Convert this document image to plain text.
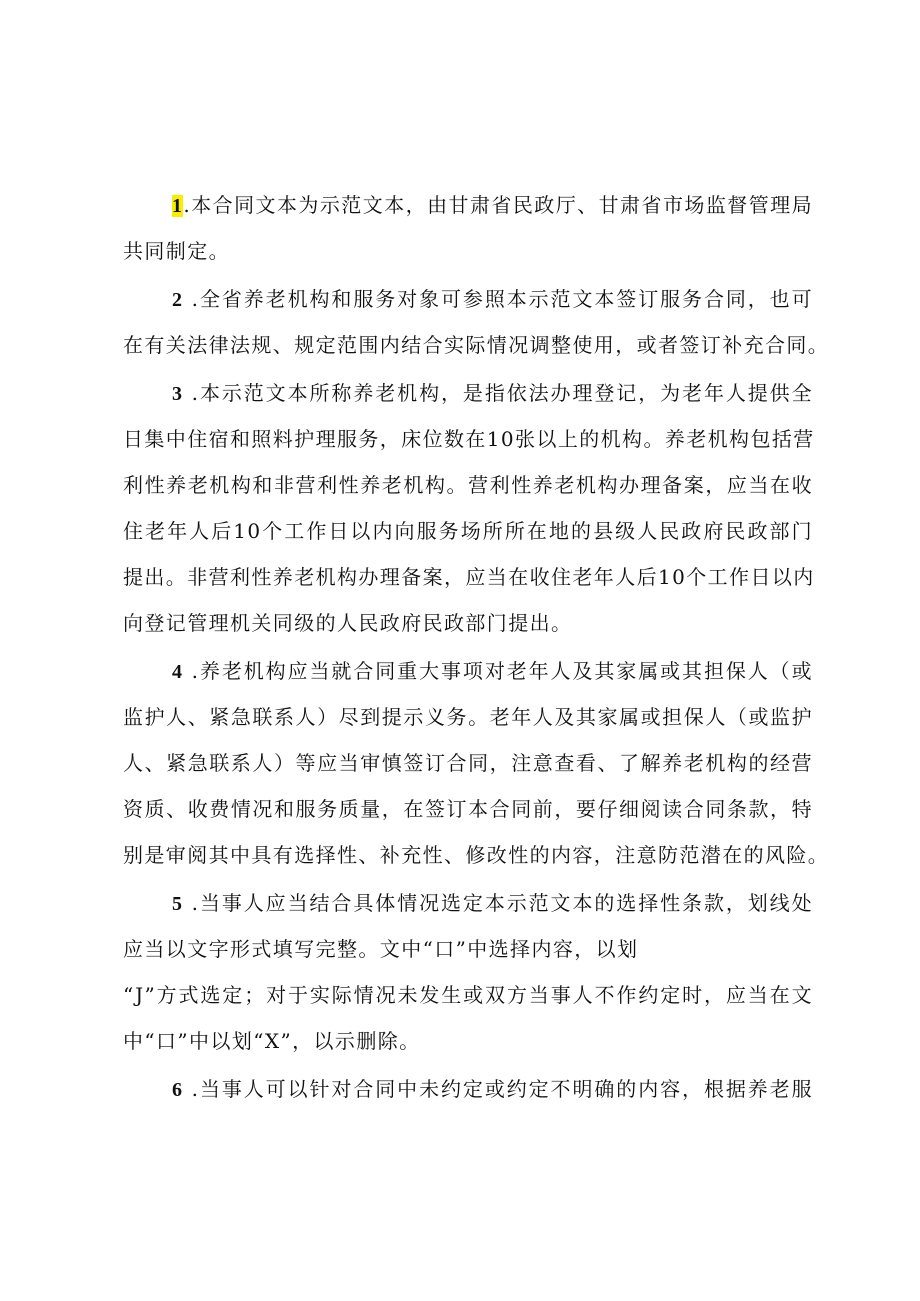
1.本合同文本为示范文本，由甘肃省民政厅、甘肃省市场监督管理局
共同制定。
2 .全省养老机构和服务对象可参照本示范文本签订服务合同，也可
在有关法律法规、规定范围内结合实际情况调整使用，或者签订补充合同。
3 .本示范文本所称养老机构，是指依法办理登记，为老年人提供全
日集中住宿和照料护理服务，床位数在10张以上的机构。养老机构包括营
利性养老机构和非营利性养老机构。营利性养老机构办理备案，应当在收
住老年人后10个工作日以内向服务场所所在地的县级人民政府民政部门
提出。非营利性养老机构办理备案，应当在收住老年人后10个工作日以内
向登记管理机关同级的人民政府民政部门提出。
4 .养老机构应当就合同重大事项对老年人及其家属或其担保人（或
监护人、紧急联系人）尽到提示义务。老年人及其家属或担保人（或监护
人、紧急联系人）等应当审慎签订合同，注意查看、了解养老机构的经营
资质、收费情况和服务质量，在签订本合同前，要仔细阅读合同条款，特
别是审阅其中具有选择性、补充性、修改性的内容，注意防范潜在的风险。
5 .当事人应当结合具体情况选定本示范文本的选择性条款，划线处
应当以文字形式填写完整。文中“口”中选择内容，以划
“J”方式选定；对于实际情况未发生或双方当事人不作约定时，应当在文
中“口”中以划“X”，以示删除。
6 .当事人可以针对合同中未约定或约定不明确的内容，根据养老服
